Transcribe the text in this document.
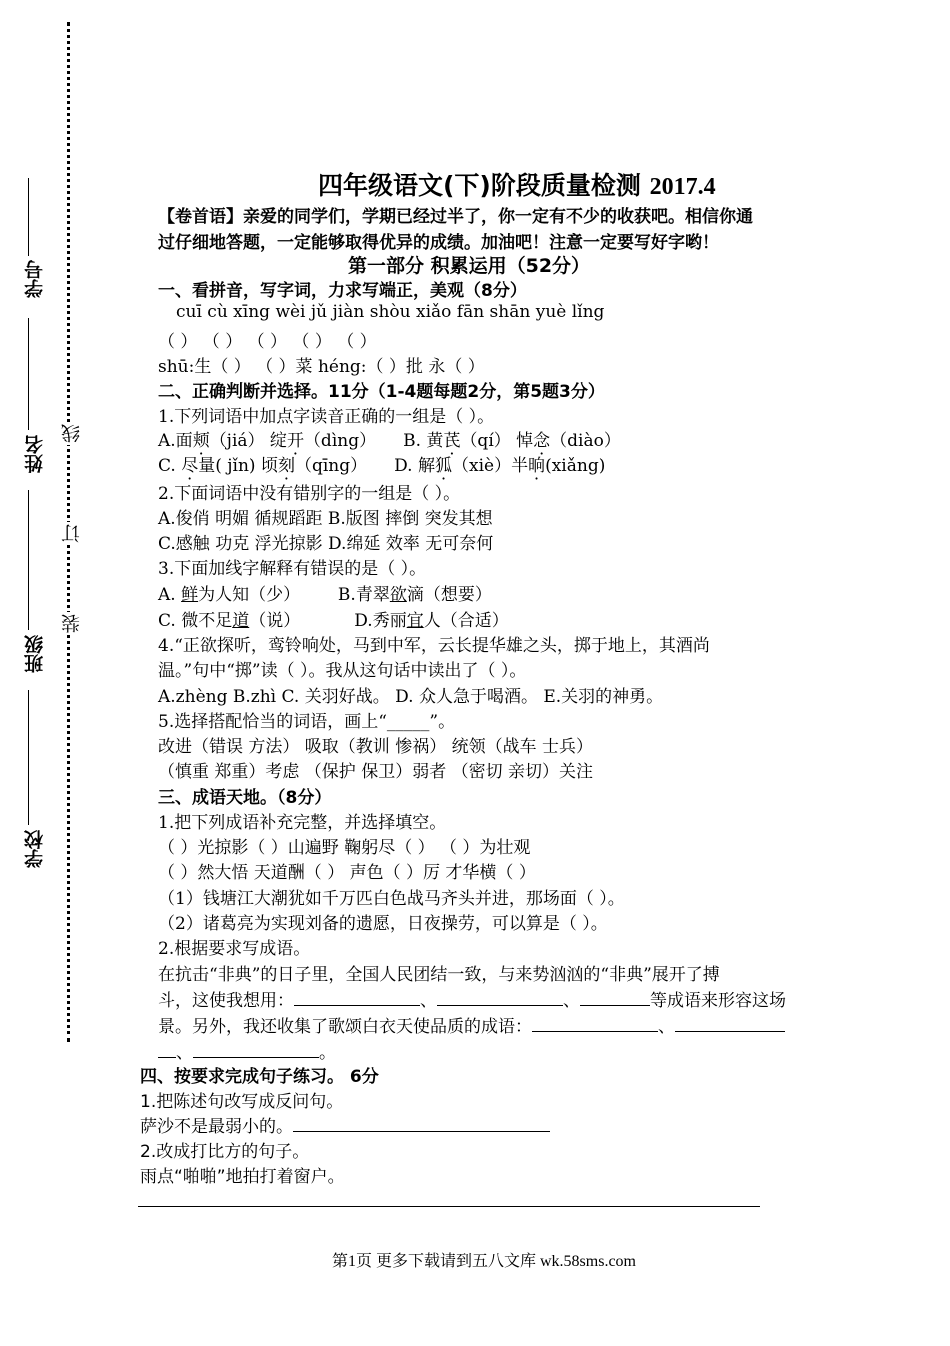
学号
姓名
班级
学校
线
订
装
四年级语文(下)阶段质量检测 2017.4
【卷首语】亲爱的同学们，学期已经过半了，你一定有不少的收获吧。相信你通
过仔细地答题，一定能够取得优异的成绩。加油吧！注意一定要写好字哟！
第一部分 积累运用（52分）
一、看拼音，写字词，力求写端正，美观（8分）
cuī cù xīng wèi jǔ jiàn shòu xiǎo fān shān yuè lǐng
（ ） （ ） （ ） （ ） （ ）
shū:生（ ） （ ）菜 héng:（ ）批 永（ ）
二、正确判断并选择。11分（1-4题每题2分，第5题3分）
1.下列词语中加点字读音正确的一组是（ ）。
A.面颊（jiá） 绽开（dìng） B. 黄芪（qí） 悼念（diào）
C. 尽量( jǐn) 顷刻（qīng） D. 解狐（xiè）半晌(xiǎng)
2.下面词语中没有错别字的一组是（ ）。
A.俊俏 明媚 循规蹈距 B.版图 摔倒 突发其想
C.感触 功克 浮光掠影 D.绵延 效率 无可奈何
3.下面加线字解释有错误的是（ ）。
A. 鲜为人知（少） B.青翠欲滴（想要）
C. 微不足道（说）	D.秀丽宜人（合适）
4.“正欲探听，鸾铃响处，马到中军，云长提华雄之头，掷于地上，其酒尚
温。”句中“掷”读（ ）。我从这句话中读出了（ ）。
A.zhèng B.zhì C. 关羽好战。 D. 众人急于喝酒。 E.关羽的神勇。
5.选择搭配恰当的词语，画上“_____”。
改进（错误 方法） 吸取（教训 惨祸） 统领（战车 士兵）
（慎重 郑重）考虑 （保护 保卫）弱者 （密切 亲切）关注
三、成语天地。（8分）
1.把下列成语补充完整，并选择填空。
（ ）光掠影（ ）山遍野 鞠躬尽（ ） （ ）为壮观
（ ）然大悟 天道酬（ ） 声色（ ）厉 才华横（ ）
（1）钱塘江大潮犹如千万匹白色战马齐头并进，那场面（ ）。
（2）诸葛亮为实现刘备的遗愿，日夜操劳，可以算是（ ）。
2.根据要求写成语。
在抗击“非典”的日子里，全国人民团结一致，与来势汹汹的“非典”展开了搏
斗，这使我想用：	、	、	等成语来形容这场
景。另外，我还收集了歌颂白衣天使品质的成语：	、
、	。
四、按要求完成句子练习。 6分
1.把陈述句改写成反问句。
萨沙不是最弱小的。
2.改成打比方的句子。
雨点“啪啪”地拍打着窗户。
第1页 更多下载请到五八文库 wk.58sms.com
